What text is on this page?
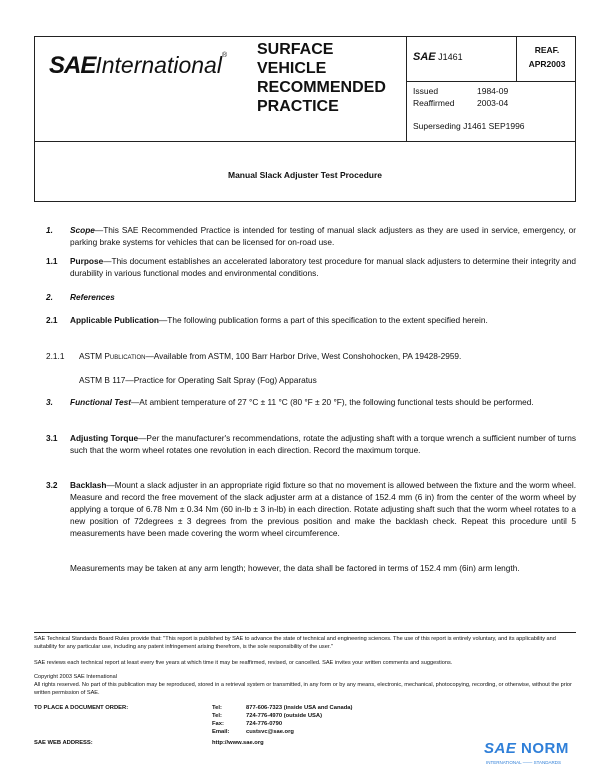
SAEInternational® SURFACE
VEHICLE
RECOMMENDED
PRACTICE
SAE J1461
REAF.
APR2003
Issued	1984-09
Reaffirmed	2003-04
Superseding J1461 SEP1996
Manual Slack Adjuster Test Procedure
1. Scope—This SAE Recommended Practice is intended for testing of manual slack adjusters as they are used in service, emergency, or parking brake systems for vehicles that can be licensed for on-road use.
1.1 Purpose—This document establishes an accelerated laboratory test procedure for manual slack adjusters to determine their integrity and durability in various functional modes and environmental conditions.
2. References
2.1 Applicable Publication—The following publication forms a part of this specification to the extent specified herein.
2.1.1 ASTM Publication—Available from ASTM, 100 Barr Harbor Drive, West Conshohocken, PA 19428-2959.
ASTM B 117—Practice for Operating Salt Spray (Fog) Apparatus
3. Functional Test—At ambient temperature of 27 °C ± 11 °C (80 °F ± 20 °F), the following functional tests should be performed.
3.1 Adjusting Torque—Per the manufacturer's recommendations, rotate the adjusting shaft with a torque wrench a sufficient number of turns such that the worm wheel rotates one revolution in each direction. Record the maximum torque.
3.2 Backlash—Mount a slack adjuster in an appropriate rigid fixture so that no movement is allowed between the fixture and the worm wheel. Measure and record the free movement of the slack adjuster arm at a distance of 152.4 mm (6 in) from the center of the worm wheel by applying a torque of 6.78 Nm ± 0.34 Nm (60 in-lb ± 3 in-lb) in each direction. Rotate adjusting shaft such that the worm wheel rotates to a new position of 72degrees ± 3 degrees from the previous position and make the backlash check. Repeat this procedure until 5 measurements have been made covering the worm wheel circumference.
Measurements may be taken at any arm length; however, the data shall be factored in terms of 152.4 mm (6in) arm length.
SAE Technical Standards Board Rules provide that: "This report is published by SAE to advance the state of technical and engineering sciences. The use of this report is entirely voluntary, and its applicability and suitability for any particular use, including any patent infringement arising therefrom, is the sole responsibility of the user."
SAE reviews each technical report at least every five years at which time it may be reaffirmed, revised, or cancelled. SAE invites your written comments and suggestions.
Copyright 2003 SAE International
All rights reserved. No part of this publication may be reproduced, stored in a retrieval system or transmitted, in any form or by any means, electronic, mechanical, photocopying, recording, or otherwise, without the prior written permission of SAE.
TO PLACE A DOCUMENT ORDER:	Tel:	877-606-7323 (inside USA and Canada)
Tel:	724-776-4970 (outside USA)
Fax:	724-776-0790
Email:	custsvc@sae.org
SAE WEB ADDRESS:	http://www.sae.org	SAE NORM
INTERNATIONAL ─── STANDARDS
